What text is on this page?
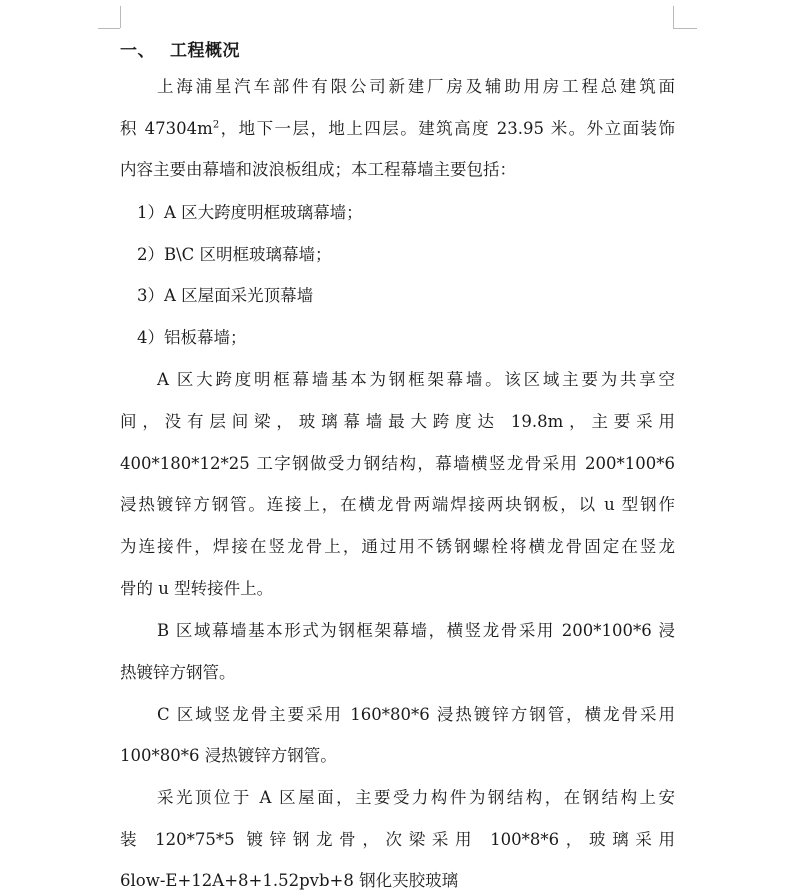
一、 工程概况
上海浦星汽车部件有限公司新建厂房及辅助用房工程总建筑面
积 $47304m^2$，地下一层，地上四层。建筑高度 23.95 米。外立面装饰
内容主要由幕墙和波浪板组成；本工程幕墙主要包括：
1）A 区大跨度明框玻璃幕墙；
2）B\C 区明框玻璃幕墙；
3）A 区屋面采光顶幕墙
4）铝板幕墙；
A 区大跨度明框幕墙基本为钢框架幕墙。该区域主要为共享空
间，没有层间梁，玻璃幕墙最大跨度达 19.8m，主要采用
400*180*12*25 工字钢做受力钢结构，幕墙横竖龙骨采用 200*100*6
浸热镀锌方钢管。连接上，在横龙骨两端焊接两块钢板，以 u 型钢作
为连接件，焊接在竖龙骨上，通过用不锈钢螺栓将横龙骨固定在竖龙
骨的 u 型转接件上。
B 区域幕墙基本形式为钢框架幕墙，横竖龙骨采用 200*100*6 浸
热镀锌方钢管。
C 区域竖龙骨主要采用 160*80*6 浸热镀锌方钢管，横龙骨采用
100*80*6 浸热镀锌方钢管。
采光顶位于 A 区屋面，主要受力构件为钢结构，在钢结构上安
装 120*75*5 镀锌钢龙骨，次梁采用 100*8*6，玻璃采用
6low-E+12A+8+1.52pvb+8 钢化夹胶玻璃
